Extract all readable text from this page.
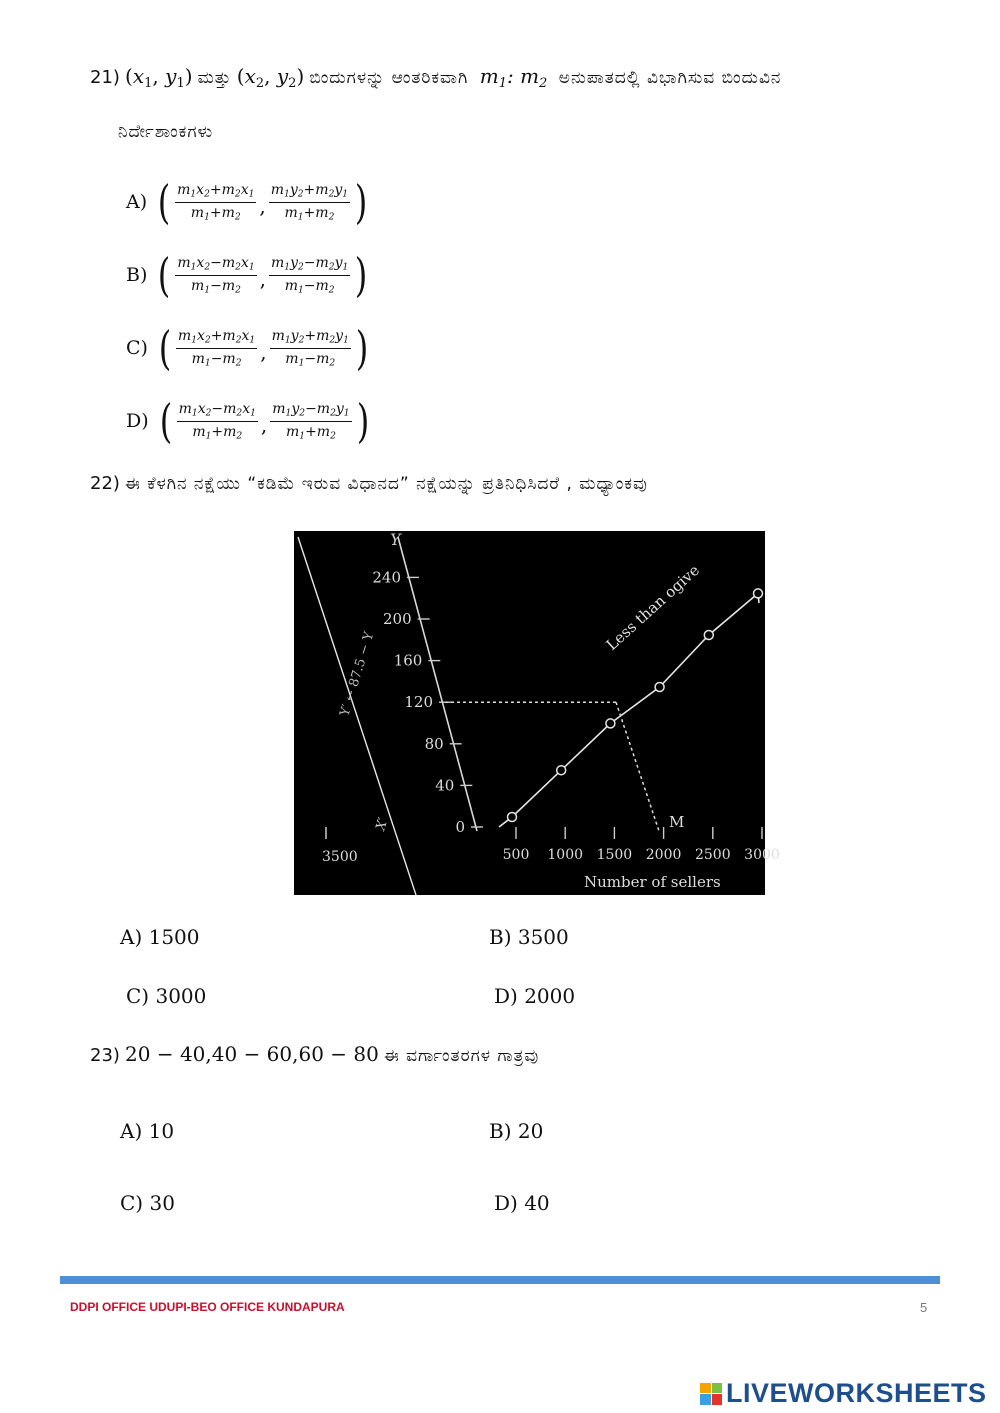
21) ($x_1$, $y_1$) ಮತ್ತು ($x_2$, $y_2$) ಬಿಂದುಗಳನ್ನು ಆಂತರಿಕವಾಗಿ  $m_1$: $m_2$ ಅನುಪಾತದಲ್ಲಿ ವಿಭಾಗಿಸುವ ಬಿಂದುವಿನ
ನಿರ್ದೇಶಾಂಕಗಳು
A) ( $\frac{m_1x_2+m_2x_1}{m_1+m_2}$ , $\frac{m_1y_2+m_2y_1}{m_1+m_2}$ )
B) ( $\frac{m_1x_2-m_2x_1}{m_1-m_2}$ , $\frac{m_1y_2-m_2y_1}{m_1-m_2}$ )
C) ( $\frac{m_1x_2+m_2x_1}{m_1-m_2}$ , $\frac{m_1y_2+m_2y_1}{m_1-m_2}$ )
D) ( $\frac{m_1x_2-m_2x_1}{m_1+m_2}$ , $\frac{m_1y_2-m_2y_1}{m_1+m_2}$ )
22) ಈ ಕೆಳಗಿನ ನಕ್ಷೆಯು “ಕಡಿಮೆ ಇರುವ ವಿಧಾನದ” ನಕ್ಷೆಯನ್ನು ಪ್ರತಿನಿಧಿಸಿದರೆ , ಮಧ್ಯಾಂಕವು
Y
Y′ ← 87.5 − Y
3500
X′	0
40
80
120
160
200
240
500 1000 1500 2000 2500 3000
Less than ogive
M
Number of sellers
A) 1500	B) 3500
C) 3000	D) 2000
23) 20 − 40,40 − 60,60 − 80 ಈ ವರ್ಗಾಂತರಗಳ ಗಾತ್ರವು
A) 10	B) 20
C) 30	D) 40
DDPI OFFICE UDUPI-BEO OFFICE KUNDAPURA	5
LIVEWORKSHEETS
